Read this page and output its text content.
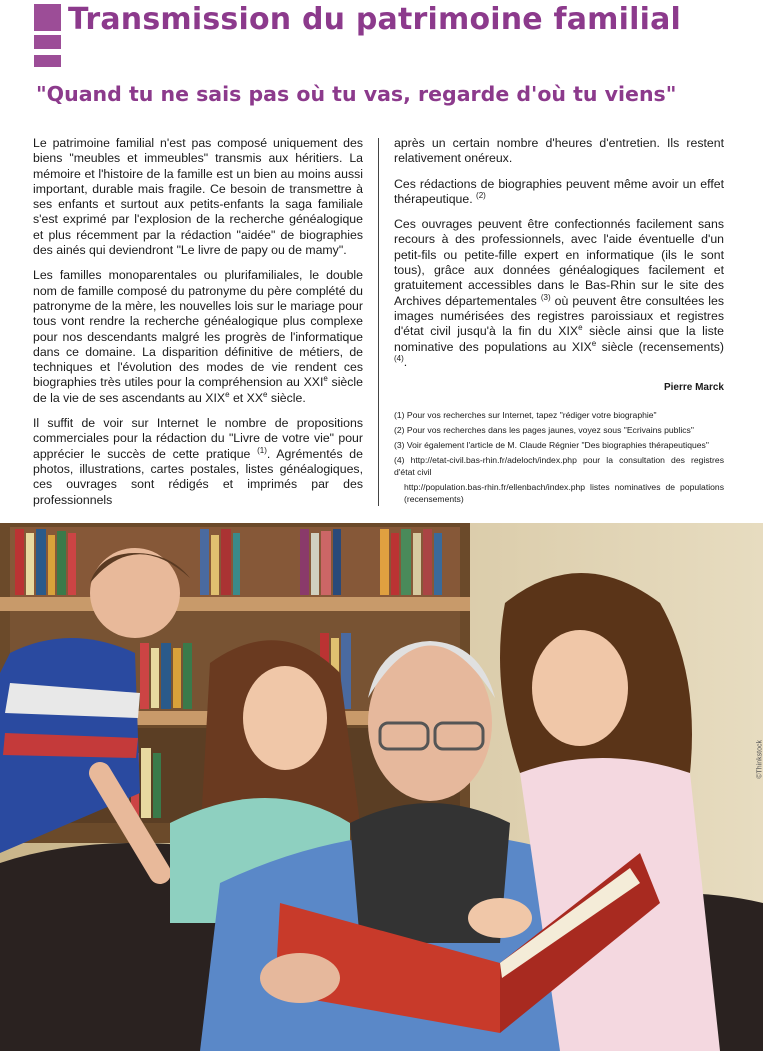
Transmission du patrimoine familial
"Quand tu ne sais pas où tu vas, regarde d'où tu viens"

Le patrimoine familial n'est pas composé uniquement des biens "meubles et immeubles" transmis aux héritiers. La mémoire et l'histoire de la famille est un bien au moins aussi important, durable mais fragile. Ce besoin de transmettre à ses enfants et surtout aux petits-enfants la saga familiale s'est exprimé par l'explosion de la recherche généalogique et plus récemment par la rédaction "aidée" de biographies des ainés qui deviendront "Le livre de papy ou de mamy".

Les familles monoparentales ou plurifamiliales, le double nom de famille composé du patronyme du père complété du patronyme de la mère, les nouvelles lois sur le mariage pour tous vont rendre la recherche généalogique plus complexe pour nos descendants malgré les progrès de l'informatique dans ce domaine. La disparition définitive de métiers, de techniques et l'évolution des modes de vie rendent ces biographies très utiles pour la compréhension au XXIe siècle de la vie de ses ascendants au XIXe et XXe siècle.

Il suffit de voir sur Internet le nombre de propositions commerciales pour la rédaction du "Livre de votre vie" pour apprécier le succès de cette pratique $^{(1)}$. Agrémentés de photos, illustrations, cartes postales, listes généalogiques, ces ouvrages sont rédigés et imprimés par des professionnels

après un certain nombre d'heures d'entretien. Ils restent relativement onéreux.

Ces rédactions de biographies peuvent même avoir un effet thérapeutique. $^{(2)}$

Ces ouvrages peuvent être confectionnés facilement sans recours à des professionnels, avec l'aide éventuelle d'un petit-fils ou petite-fille expert en informatique (ils le sont tous), grâce aux données généalogiques facilement et gratuitement accessibles dans le Bas-Rhin sur le site des Archives départementales $^{(3)}$ où peuvent être consultées les images numérisées des registres paroissiaux et registres d'état civil jusqu'à la fin du XIXe siècle ainsi que la liste nominative des populations au XIXe siècle (recensements) $^{(4)}$.

Pierre Marck

(1) Pour vos recherches sur Internet, tapez "rédiger votre biographie"
(2) Pour vos recherches dans les pages jaunes, voyez sous "Ecrivains publics"
(3) Voir également l'article de M. Claude Régnier "Des biographies thérapeutiques"
(4) http://etat-civil.bas-rhin.fr/adeloch/index.php pour la consultation des registres d'état civil
http://population.bas-rhin.fr/ellenbach/index.php listes nominatives de populations (recensements)
©Thinkstock
